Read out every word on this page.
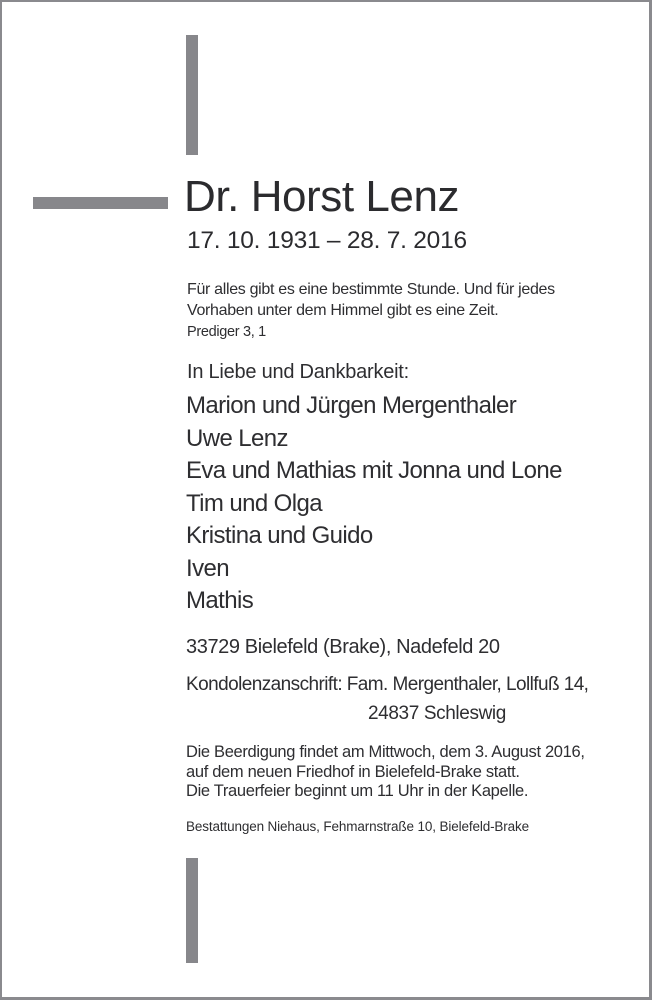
Dr. Horst Lenz
17. 10. 1931 – 28. 7. 2016
Für alles gibt es eine bestimmte Stunde. Und für jedes
Vorhaben unter dem Himmel gibt es eine Zeit.
Prediger 3, 1
In Liebe und Dankbarkeit:
Marion und Jürgen Mergenthaler
Uwe Lenz
Eva und Mathias mit Jonna und Lone
Tim und Olga
Kristina und Guido
Iven
Mathis
33729 Bielefeld (Brake), Nadefeld 20
Kondolenzanschrift: Fam. Mergenthaler, Lollfuß 14,
24837 Schleswig
Die Beerdigung findet am Mittwoch, dem 3. August 2016,
auf dem neuen Friedhof in Bielefeld-Brake statt.
Die Trauerfeier beginnt um 11 Uhr in der Kapelle.
Bestattungen Niehaus, Fehmarnstraße 10, Bielefeld-Brake
